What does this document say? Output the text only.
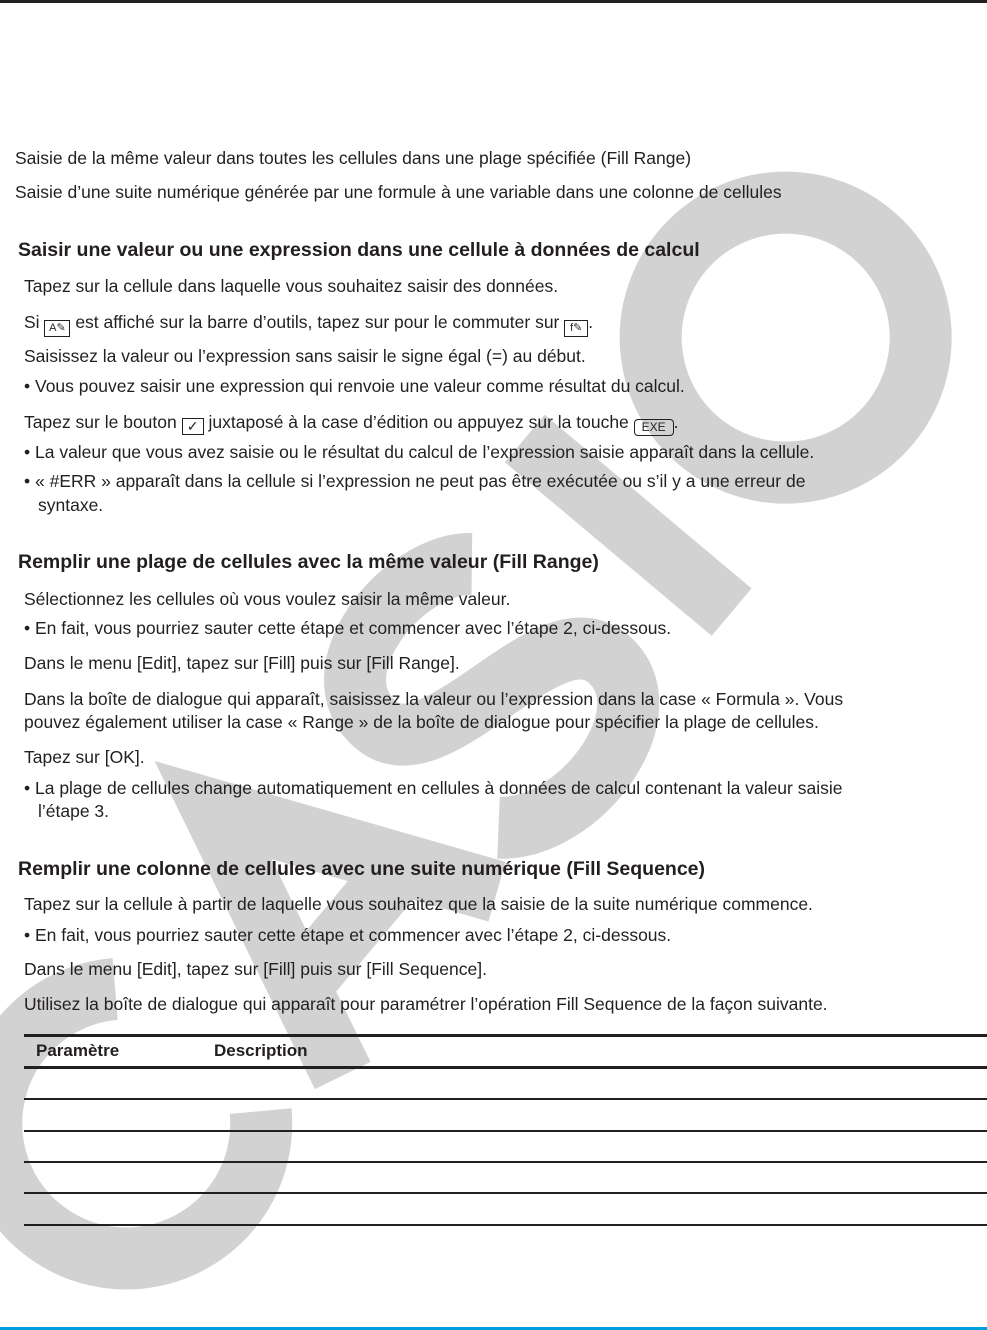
Saisie de la même valeur dans toutes les cellules dans une plage spécifiée (Fill Range)
Saisie d’une suite numérique générée par une formule à une variable dans une colonne de cellules
Saisir une valeur ou une expression dans une cellule à données de calcul
Tapez sur la cellule dans laquelle vous souhaitez saisir des données.
Si A✎ est affiché sur la barre d’outils, tapez sur pour le commuter sur f✎ .
Saisissez la valeur ou l’expression sans saisir le signe égal (=) au début.
• Vous pouvez saisir une expression qui renvoie une valeur comme résultat du calcul.
Tapez sur le bouton ✓ juxtaposé à la case d’édition ou appuyez sur la touche EXE .
• La valeur que vous avez saisie ou le résultat du calcul de l’expression saisie apparaît dans la cellule.
• « #ERR » apparaît dans la cellule si l’expression ne peut pas être exécutée ou s’il y a une erreur de
syntaxe.
Remplir une plage de cellules avec la même valeur (Fill Range)
Sélectionnez les cellules où vous voulez saisir la même valeur.
• En fait, vous pourriez sauter cette étape et commencer avec l’étape 2, ci-dessous.
Dans le menu [Edit], tapez sur [Fill] puis sur [Fill Range].
Dans la boîte de dialogue qui apparaît, saisissez la valeur ou l’expression dans la case « Formula ». Vous
pouvez également utiliser la case « Range » de la boîte de dialogue pour spécifier la plage de cellules.
Tapez sur [OK].
• La plage de cellules change automatiquement en cellules à données de calcul contenant la valeur saisie
l’étape 3.
Remplir une colonne de cellules avec une suite numérique (Fill Sequence)
Tapez sur la cellule à partir de laquelle vous souhaitez que la saisie de la suite numérique commence.
• En fait, vous pourriez sauter cette étape et commencer avec l’étape 2, ci-dessous.
Dans le menu [Edit], tapez sur [Fill] puis sur [Fill Sequence].
Utilisez la boîte de dialogue qui apparaît pour paramétrer l’opération Fill Sequence de la façon suivante.
Paramètre	Description
